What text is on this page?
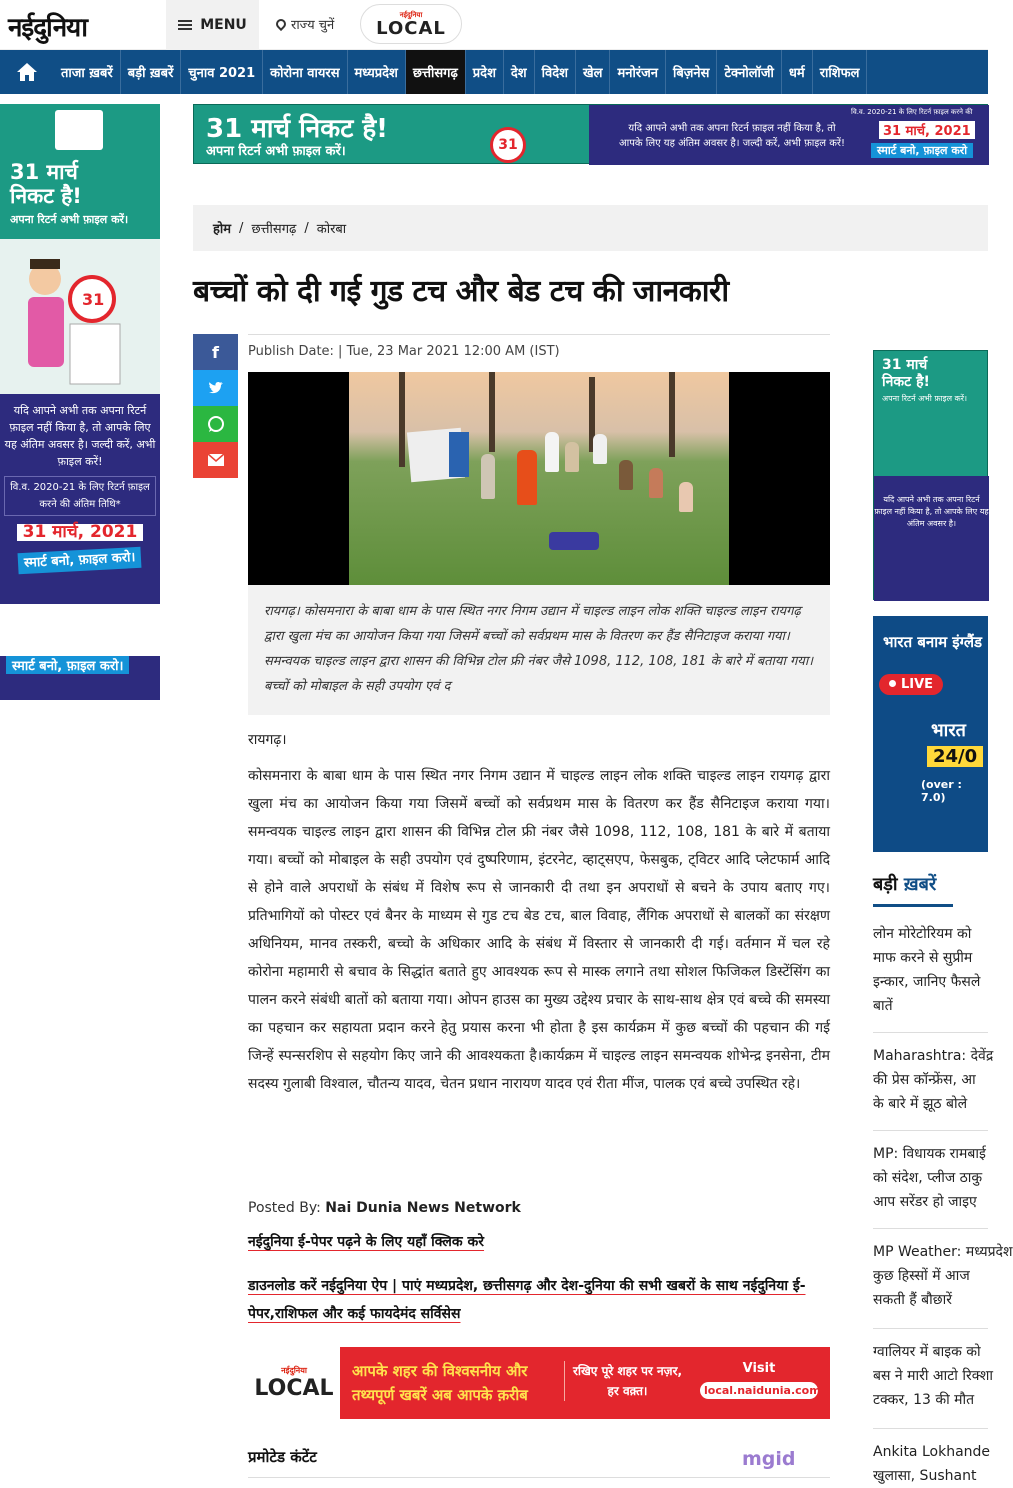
नईदुनिया	MENU	राज्य चुनें
नईदुनिया
LOCAL
ताजा ख़बरें	बड़ी ख़बरें	चुनाव 2021	कोरोना वायरस	मध्यप्रदेश	छत्तीसगढ़	प्रदेश	देश	विदेश	खेल	मनोरंजन	बिज़नेस	टेक्नोलॉजी	धर्म	राशिफल
31 मार्च निकट है!
अपना रिटर्न अभी फ़ाइल करें।
31
यदि आपने अभी तक अपना रिटर्न फ़ाइल नहीं किया है, तो आपके लिए यह अंतिम अवसर है। जल्दी करें, अभी फ़ाइल करें!
वि.व. 2020-21 के लिए रिटर्न फ़ाइल करने की अंतिम तिथि*
31 मार्च, 2021
स्मार्ट बनो, फ़ाइल करो।
स्मार्ट बनो, फ़ाइल करो।
31 मार्च निकट है!
अपना रिटर्न अभी फ़ाइल करें।	31

यदि आपने अभी तक अपना रिटर्न फ़ाइल नहीं किया है, तो आपके लिए यह अंतिम अवसर है। जल्दी करें, अभी फ़ाइल करें!

वि.व. 2020-21 के लिए रिटर्न फ़ाइल करने की
31 मार्च, 2021
स्मार्ट बनो, फ़ाइल करो
होम / छत्तीसगढ़ / कोरबा
बच्चों को दी गई गुड टच और बेड टच की जानकारी
f	Publish Date: | Tue, 23 Mar 2021 12:00 AM (IST)
रायगढ़। कोसमनारा के बाबा धाम के पास स्थित नगर निगम उद्यान में चाइल्ड लाइन लोक शक्ति चाइल्ड लाइन रायगढ़ द्वारा खुला मंच का आयोजन किया गया जिसमें बच्चों को सर्वप्रथम मास के वितरण कर हैंड सैनिटाइज कराया गया। समन्वयक चाइल्ड लाइन द्वारा शासन की विभिन्न टोल फ्री नंबर जैसे 1098, 112, 108, 181 के बारे में बताया गया। बच्चों को मोबाइल के सही उपयोग एवं द
रायगढ़।

कोसमनारा के बाबा धाम के पास स्थित नगर निगम उद्यान में चाइल्ड लाइन लोक शक्ति चाइल्ड लाइन रायगढ़ द्वारा खुला मंच का आयोजन किया गया जिसमें बच्चों को सर्वप्रथम मास के वितरण कर हैंड सैनिटाइज कराया गया। समन्वयक चाइल्ड लाइन द्वारा शासन की विभिन्न टोल फ्री नंबर जैसे 1098, 112, 108, 181 के बारे में बताया गया। बच्चों को मोबाइल के सही उपयोग एवं दुष्परिणाम, इंटरनेट, व्हाट्सएप, फेसबुक, ट्विटर आदि प्लेटफार्म आदि से होने वाले अपराधों के संबंध में विशेष रूप से जानकारी दी तथा इन अपराधों से बचने के उपाय बताए गए। प्रतिभागियों को पोस्टर एवं बैनर के माध्यम से गुड टच बेड टच, बाल विवाह, लैंगिक अपराधों से बालकों का संरक्षण अधिनियम, मानव तस्करी, बच्चो के अधिकार आदि के संबंध में विस्तार से जानकारी दी गई। वर्तमान में चल रहे कोरोना महामारी से बचाव के सिद्धांत बताते हुए आवश्यक रूप से मास्क लगाने तथा सोशल फिजिकल डिस्टेंसिंग का पालन करने संबंधी बातों को बताया गया। ओपन हाउस का मुख्य उद्देश्य प्रचार के साथ-साथ क्षेत्र एवं बच्चे की समस्या का पहचान कर सहायता प्रदान करने हेतु प्रयास करना भी होता है इस कार्यक्रम में कुछ बच्चों की पहचान की गई जिन्हें स्पन्सरशिप से सहयोग किए जाने की आवश्यकता है।कार्यक्रम में चाइल्ड लाइन समन्वयक शोभेन्द्र इनसेना, टीम सदस्य गुलाबी विश्वाल, चौतन्य यादव, चेतन प्रधान नारायण यादव एवं रीता मींज, पालक एवं बच्चे उपस्थित रहे।

Posted By: Nai Dunia News Network
नईदुनिया ई-पेपर पढ़ने के लिए यहाँ क्लिक करे
डाउनलोड करें नईदुनिया ऐप | पाएं मध्यप्रदेश, छत्तीसगढ़ और देश-दुनिया की सभी खबरों के साथ नईदुनिया ई-पेपर,राशिफल और कई फायदेमंद सर्विसेस
नईदुनिया
LOCAL
आपके शहर की विश्वसनीय और तथ्यपूर्ण खबरें अब आपके क़रीब
रखिए पूरे शहर पर नज़र, हर वक़्त।
Visit
local.naidunia.com
प्रमोटेड कंटेंट	mgid
31 मार्च निकट है!
अपना रिटर्न अभी फ़ाइल करें।
यदि आपने अभी तक अपना रिटर्न फ़ाइल नहीं किया है, तो आपके लिए यह अंतिम अवसर है।
भारत बनाम इंग्लैंड
LIVE
भारत
24/0
(over : 7.0)
बड़ी ख़बरें
लोन मोरेटोरियम को
माफ करने से सुप्रीम
इन्कार, जानिए फैसले
बातें
Maharashtra: देवेंद्र
की प्रेस कॉन्फ्रेंस, आ
के बारे में झूठ बोले
MP: विधायक रामबाई
को संदेश, प्लीज ठाकु
आप सरेंडर हो जाइए
MP Weather: मध्यप्रदेश
कुछ हिस्सों में आज
सकती हैं बौछारें
ग्वालियर में बाइक को
बस ने मारी आटो रिक्शा
टक्कर, 13 की मौत
Ankita Lokhande
खुलासा, Sushant
